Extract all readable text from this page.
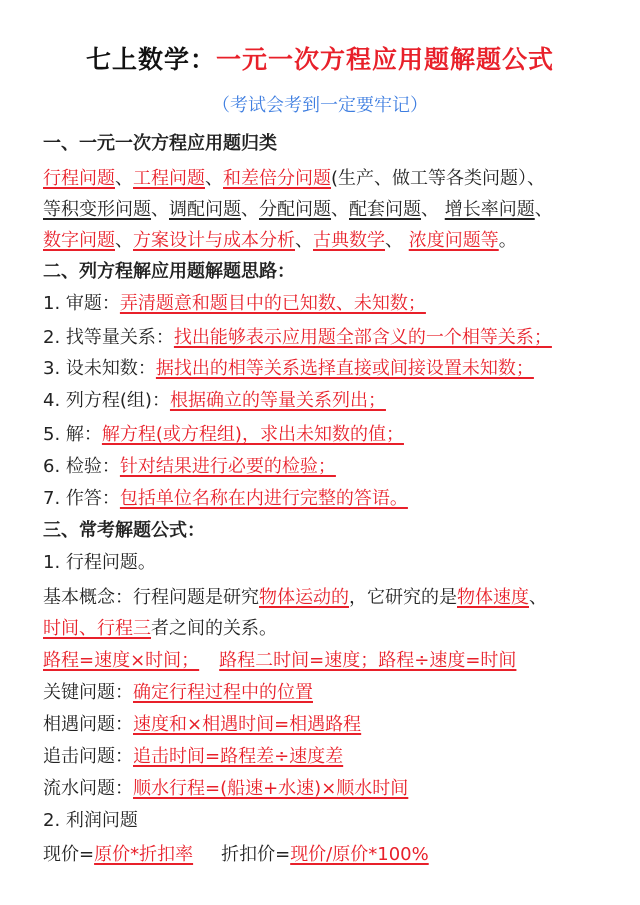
七上数学：一元一次方程应用题解题公式
（考试会考到一定要牢记）
一、一元一次方程应用题归类
行程问题、工程问题、和差倍分问题(生产、做工等各类问题）、
等积变形问题、调配问题、分配问题、配套问题、 增长率问题、
数字问题、方案设计与成本分析、古典数学、 浓度问题等。
二、列方程解应用题解题思路：
1. 审题：弄清题意和题目中的已知数、未知数；
2. 找等量关系：找出能够表示应用题全部含义的一个相等关系；
3. 设未知数：据找出的相等关系选择直接或间接设置未知数；
4. 列方程(组)：根据确立的等量关系列出；
5. 解：解方程(或方程组)，求出未知数的值；
6. 检验：针对结果进行必要的检验；
7. 作答：包括单位名称在内进行完整的答语。
三、常考解题公式：
1. 行程问题。
基本概念：行程问题是研究物体运动的，它研究的是物体速度、
时间、行程三者之间的关系。
路程=速度×时间； 路程二时间=速度；路程÷速度=时间
关键问题：确定行程过程中的位置
相遇问题：速度和×相遇时间=相遇路程
追击问题：追击时间=路程差÷速度差
流水问题：顺水行程=(船速+水速)×顺水时间
2. 利润问题
现价=原价*折扣率 折扣价=现价/原价*100%
